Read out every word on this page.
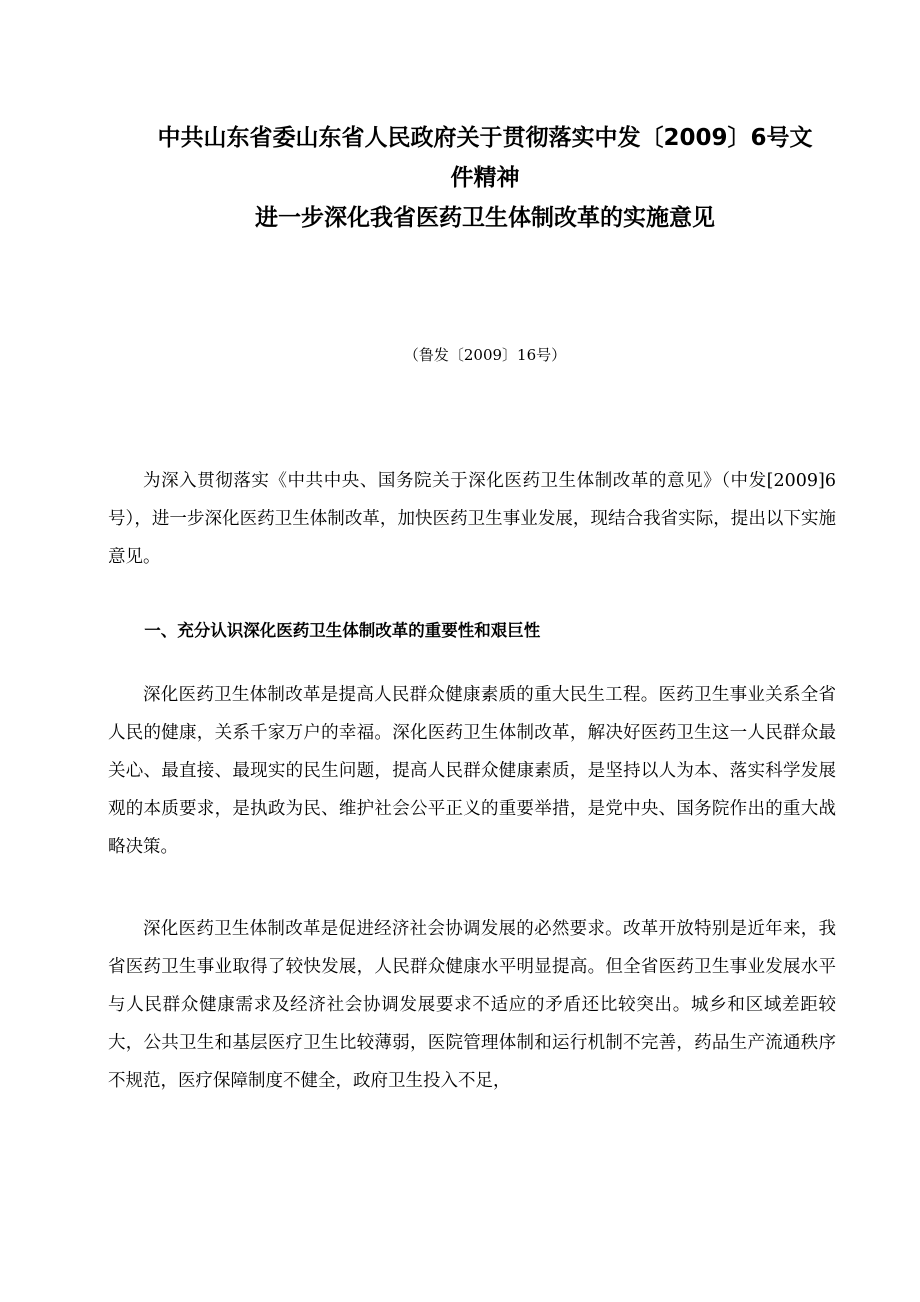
中共山东省委山东省人民政府关于贯彻落实中发〔2009〕6号文
件精神
进一步深化我省医药卫生体制改革的实施意见
（鲁发〔2009〕16号）

为深入贯彻落实《中共中央、国务院关于深化医药卫生体制改革的意见》（中发[2009]6号），进一步深化医药卫生体制改革，加快医药卫生事业发展，现结合我省实际，提出以下实施意见。

一、充分认识深化医药卫生体制改革的重要性和艰巨性

深化医药卫生体制改革是提高人民群众健康素质的重大民生工程。医药卫生事业关系全省人民的健康，关系千家万户的幸福。深化医药卫生体制改革，解决好医药卫生这一人民群众最关心、最直接、最现实的民生问题，提高人民群众健康素质，是坚持以人为本、落实科学发展观的本质要求，是执政为民、维护社会公平正义的重要举措，是党中央、国务院作出的重大战略决策。

深化医药卫生体制改革是促进经济社会协调发展的必然要求。改革开放特别是近年来，我省医药卫生事业取得了较快发展，人民群众健康水平明显提高。但全省医药卫生事业发展水平与人民群众健康需求及经济社会协调发展要求不适应的矛盾还比较突出。城乡和区域差距较大，公共卫生和基层医疗卫生比较薄弱，医院管理体制和运行机制不完善，药品生产流通秩序不规范，医疗保障制度不健全，政府卫生投入不足，
